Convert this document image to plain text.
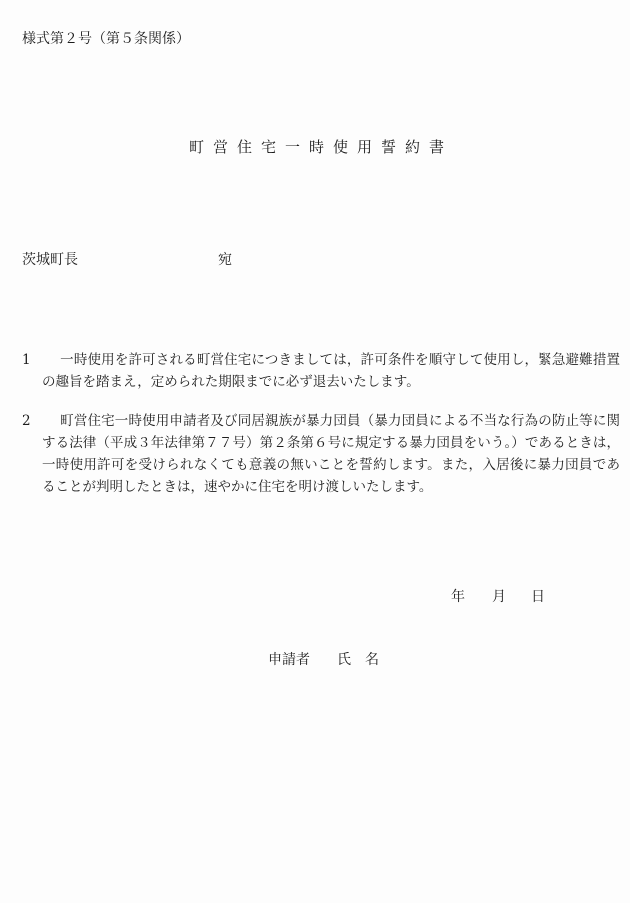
様式第２号（第５条関係）
町営住宅一時使用誓約書
茨城町長	宛
1 一時使用を許可される町営住宅につきましては，許可条件を順守して使用し，緊急避難措置の趣旨を踏まえ，定められた期限までに必ず退去いたします。
2 町営住宅一時使用申請者及び同居親族が暴力団員（暴力団員による不当な行為の防止等に関する法律（平成３年法律第７７号）第２条第６号に規定する暴力団員をいう。）であるときは，一時使用許可を受けられなくても意義の無いことを誓約します。また，入居後に暴力団員であることが判明したときは，速やかに住宅を明け渡しいたします。
年 月 日
申請者 氏　名
